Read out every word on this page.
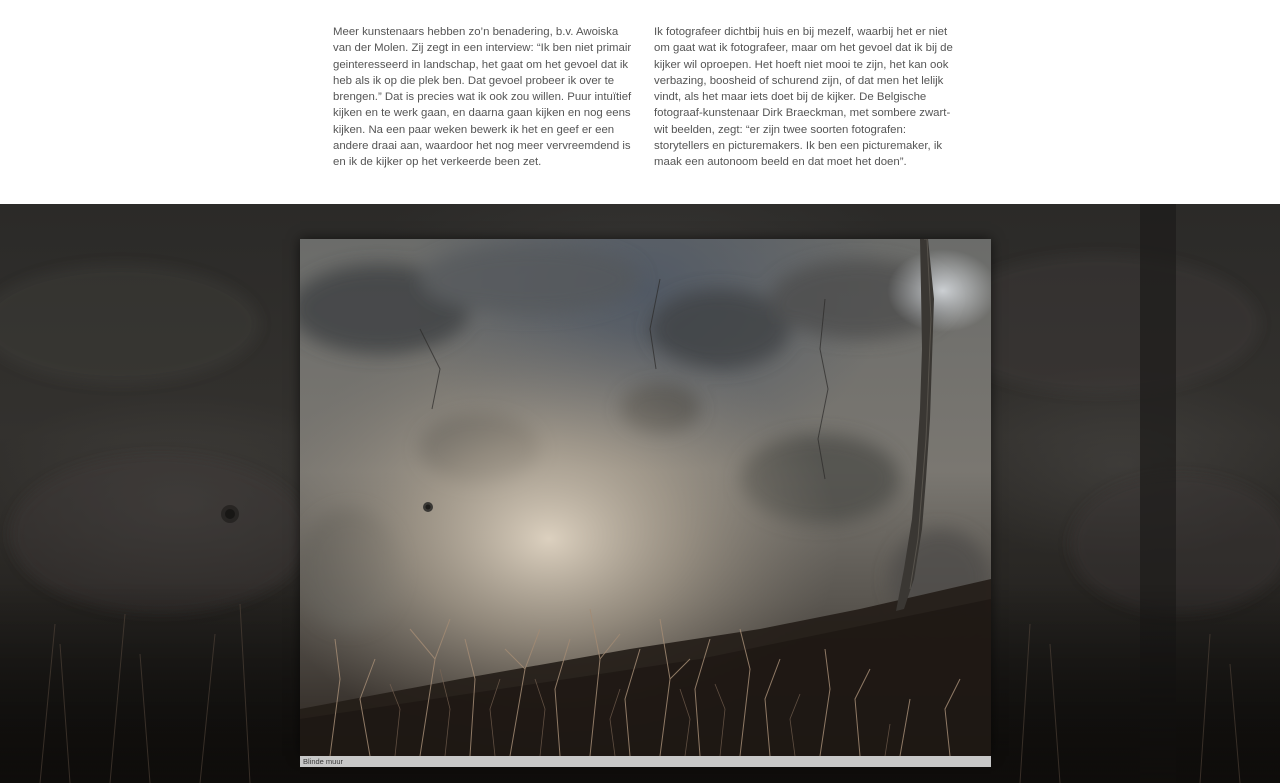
Meer kunstenaars hebben zo’n benadering, b.v. Awoiska van der Molen. Zij zegt in een interview: “Ik ben niet primair geinteresseerd in landschap, het gaat om het gevoel dat ik heb als ik op die plek ben. Dat gevoel probeer ik over te brengen.” Dat is precies wat ik ook zou willen. Puur intuïtief kijken en te werk gaan, en daarna gaan kijken en nog eens kijken. Na een paar weken bewerk ik het en geef er een andere draai aan, waardoor het nog meer vervreemdend is en ik de kijker op het verkeerde been zet.

Ik fotografeer dichtbij huis en bij mezelf, waarbij het er niet om gaat wat ik fotografeer, maar om het gevoel dat ik bij de kijker wil oproepen. Het hoeft niet mooi te zijn, het kan ook verbazing, boosheid of schurend zijn, of dat men het lelijk vindt, als het maar iets doet bij de kijker. De Belgische fotograaf-kunstenaar Dirk Braeckman, met sombere zwart-wit beelden, zegt: “er zijn twee soorten fotografen: storytellers en picturemakers. Ik ben een picturemaker, ik maak een autonoom beeld en dat moet het doen”.

Blinde muur
